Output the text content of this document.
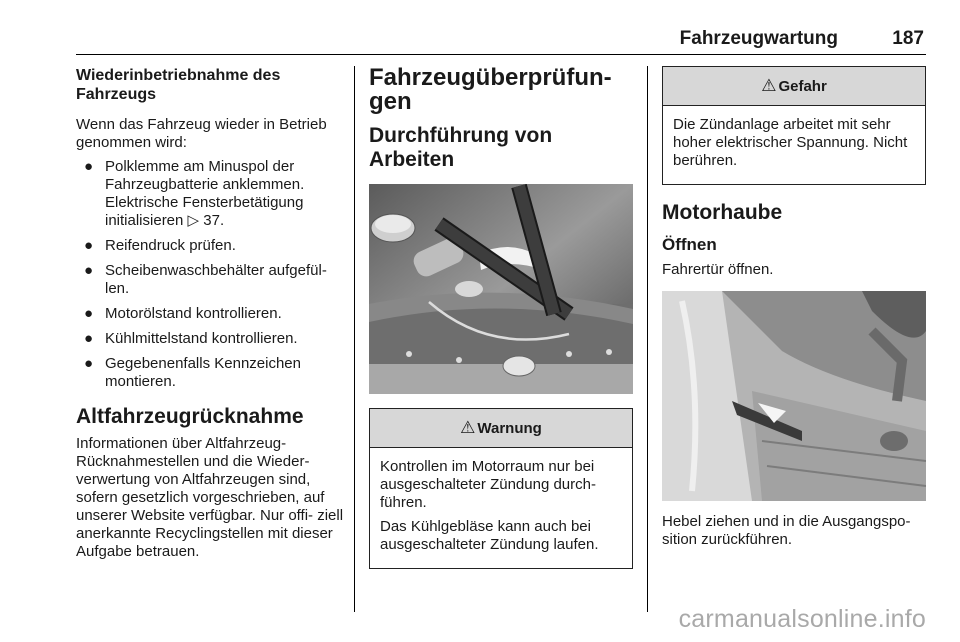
Fahrzeugwartung	187
Wiederinbetriebnahme des Fahrzeugs

Wenn das Fahrzeug wieder in Betrieb genommen wird:

● Polklemme am Minuspol der Fahrzeugbatterie anklemmen. Elektrische Fensterbetätigung initialisieren ▷ 37.
● Reifendruck prüfen.
● Scheibenwaschbehälter aufgefül- len.
● Motorölstand kontrollieren.
● Kühlmittelstand kontrollieren.
● Gegebenenfalls Kennzeichen montieren.
Altfahrzeugrücknahme

Informationen über Altfahrzeug- Rücknahmestellen und die Wieder- verwertung von Altfahrzeugen sind, sofern gesetzlich vorgeschrieben, auf unserer Website verfügbar. Nur offi- ziell anerkannte Recyclingstellen mit dieser Aufgabe betrauen.

Fahrzeugüberprüfun- gen
Durchführung von Arbeiten
⚠ Warnung

Kontrollen im Motorraum nur bei ausgeschalteter Zündung durch- führen.

Das Kühlgebläse kann auch bei ausgeschalteter Zündung laufen.

⚠ Gefahr

Die Zündanlage arbeitet mit sehr hoher elektrischer Spannung. Nicht berühren.

Motorhaube
Öffnen

Fahrertür öffnen.

Hebel ziehen und in die Ausgangspo- sition zurückführen.

carmanualsonline.info
